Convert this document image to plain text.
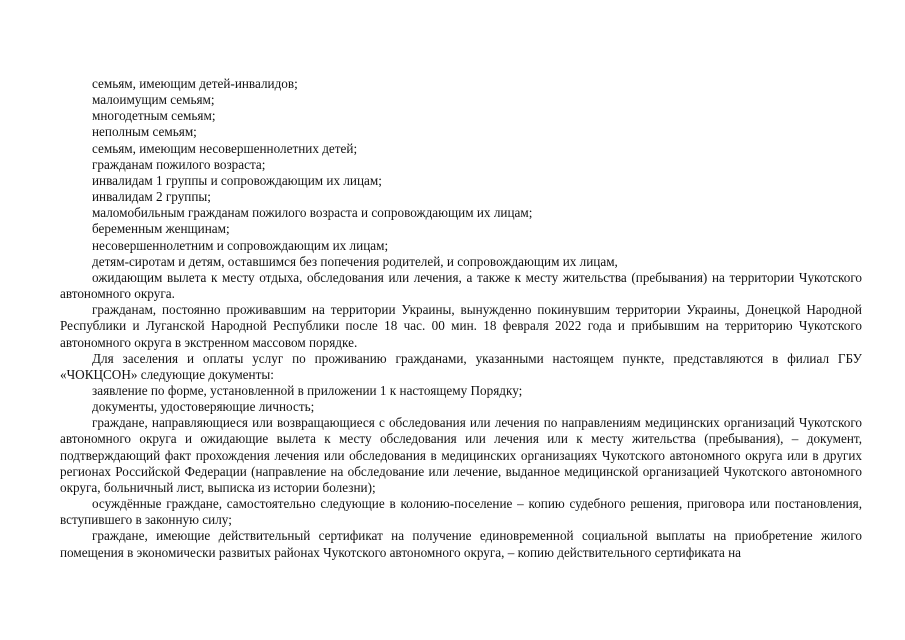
семьям, имеющим детей-инвалидов;

малоимущим семьям;

многодетным семьям;

неполным семьям;

семьям, имеющим несовершеннолетних детей;

гражданам пожилого возраста;

инвалидам 1 группы и сопровождающим их лицам;

инвалидам 2 группы;

маломобильным гражданам пожилого возраста и сопровождающим их лицам;

беременным женщинам;

несовершеннолетним и сопровождающим их лицам;

детям-сиротам и детям, оставшимся без попечения родителей, и сопровождающим их лицам,

ожидающим вылета к месту отдыха, обследования или лечения, а также к месту жительства (пребывания) на территории Чукотского автономного округа.

гражданам, постоянно проживавшим на территории Украины, вынужденно покинувшим территории Украины, Донецкой Народной Республики и Луганской Народной Республики после 18 час. 00 мин. 18 февраля 2022 года и прибывшим на территорию Чукотского автономного округа в экстренном массовом порядке.

Для заселения и оплаты услуг по проживанию гражданами, указанными настоящем пункте, представляются в филиал ГБУ «ЧОКЦСОН» следующие документы:

заявление по форме, установленной в приложении 1 к настоящему Порядку;

документы, удостоверяющие личность;

граждане, направляющиеся или возвращающиеся с обследования или лечения по направлениям медицинских организаций Чукотского автономного округа и ожидающие вылета к месту обследования или лечения или к месту жительства (пребывания), – документ, подтверждающий факт прохождения лечения или обследования в медицинских организациях Чукотского автономного округа или в других регионах Российской Федерации (направление на обследование или лечение, выданное медицинской организацией Чукотского автономного округа, больничный лист, выписка из истории болезни);

осуждённые граждане, самостоятельно следующие в колонию-поселение – копию судебного решения, приговора или постановления, вступившего в законную силу;

граждане, имеющие действительный сертификат на получение единовременной социальной выплаты на приобретение жилого помещения в экономически развитых районах Чукотского автономного округа, – копию действительного сертификата на
